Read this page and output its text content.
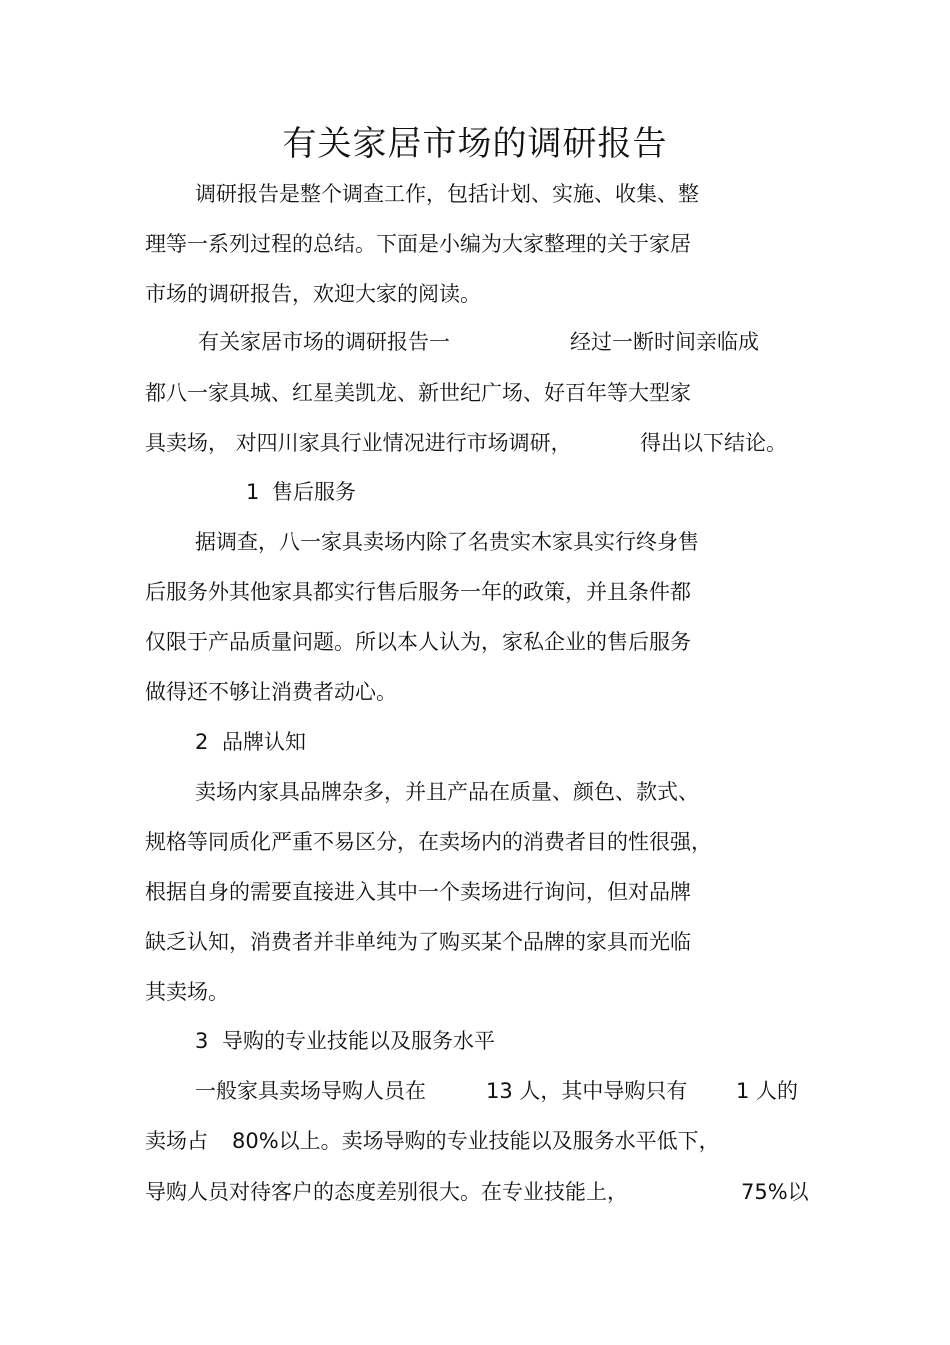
有关家居市场的调研报告
调研报告是整个调查工作，包括计划、实施、收集、整
理等一系列过程的总结。下面是小编为大家整理的关于家居
市场的调研报告，欢迎大家的阅读。
有关家居市场的调研报告一	经过一断时间亲临成
都八一家具城、红星美凯龙、新世纪广场、好百年等大型家
具卖场， 对四川家具行业情况进行市场调研，	得出以下结论。
1 售后服务
据调查，八一家具卖场内除了名贵实木家具实行终身售
后服务外其他家具都实行售后服务一年的政策，并且条件都
仅限于产品质量问题。所以本人认为，家私企业的售后服务
做得还不够让消费者动心。
2 品牌认知
卖场内家具品牌杂多，并且产品在质量、颜色、款式、
规格等同质化严重不易区分，在卖场内的消费者目的性很强，
根据自身的需要直接进入其中一个卖场进行询问，但对品牌
缺乏认知，消费者并非单纯为了购买某个品牌的家具而光临
其卖场。
3 导购的专业技能以及服务水平
一般家具卖场导购人员在	13 人，其中导购只有 1 人的
卖场占 80%以上。卖场导购的专业技能以及服务水平低下，
导购人员对待客户的态度差别很大。在专业技能上，	75%以
